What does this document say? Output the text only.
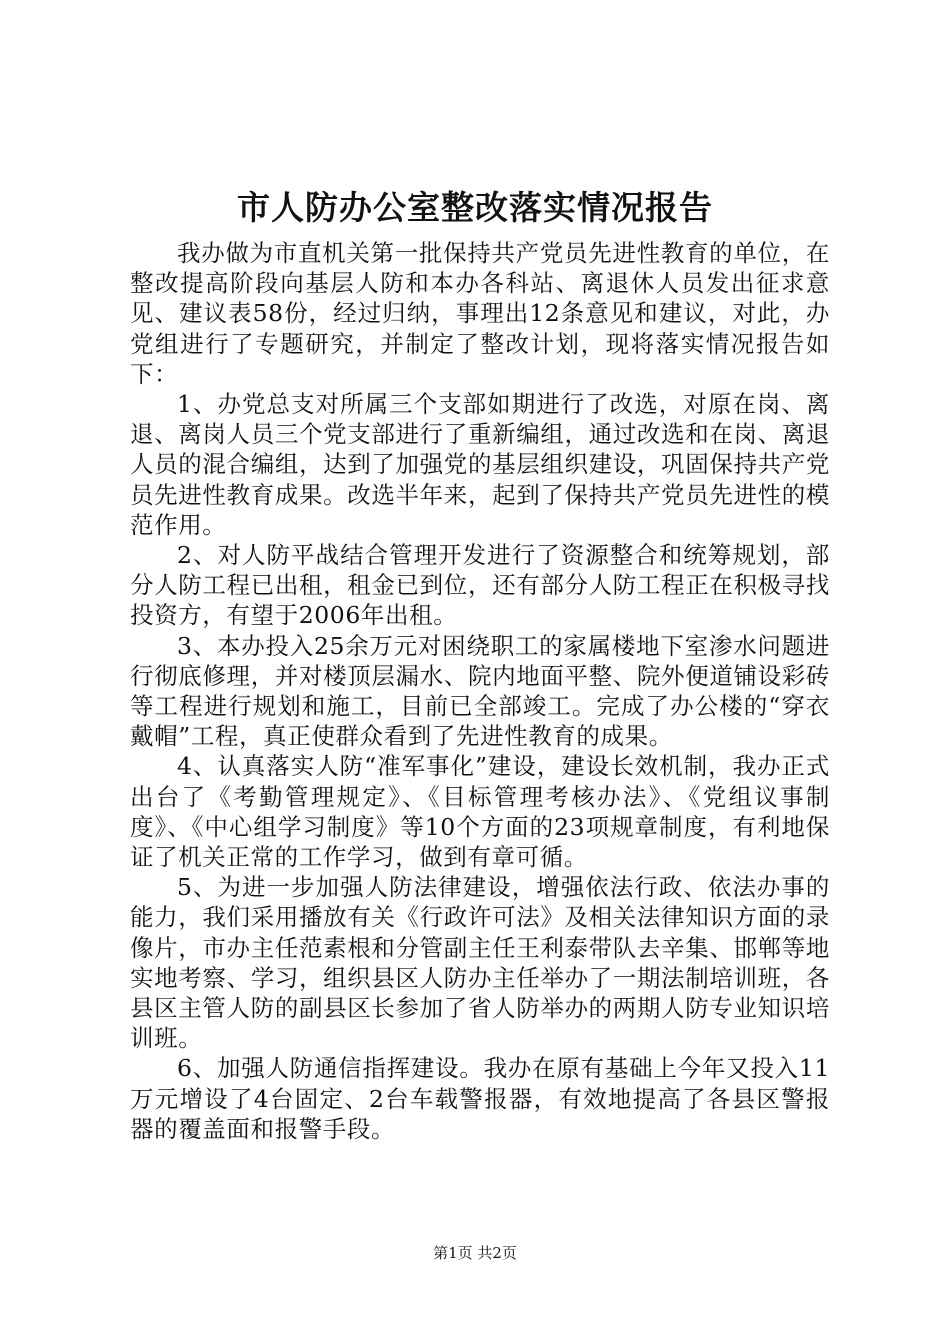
市人防办公室整改落实情况报告

我办做为市直机关第一批保持共产党员先进性教育的单位，在整改提高阶段向基层人防和本办各科站、离退休人员发出征求意见、建议表58份，经过归纳，事理出12条意见和建议，对此，办党组进行了专题研究，并制定了整改计划，现将落实情况报告如下：

1、办党总支对所属三个支部如期进行了改选，对原在岗、离退、离岗人员三个党支部进行了重新编组，通过改选和在岗、离退人员的混合编组，达到了加强党的基层组织建设，巩固保持共产党员先进性教育成果。改选半年来，起到了保持共产党员先进性的模范作用。

2、对人防平战结合管理开发进行了资源整合和统筹规划，部分人防工程已出租，租金已到位，还有部分人防工程正在积极寻找投资方，有望于2006年出租。

3、本办投入25余万元对困绕职工的家属楼地下室渗水问题进行彻底修理，并对楼顶层漏水、院内地面平整、院外便道铺设彩砖等工程进行规划和施工，目前已全部竣工。完成了办公楼的“穿衣戴帽”工程，真正使群众看到了先进性教育的成果。

4、认真落实人防“准军事化”建设，建设长效机制，我办正式出台了《考勤管理规定》、《目标管理考核办法》、《党组议事制度》、《中心组学习制度》等10个方面的23项规章制度，有利地保证了机关正常的工作学习，做到有章可循。

5、为进一步加强人防法律建设，增强依法行政、依法办事的能力，我们采用播放有关《行政许可法》及相关法律知识方面的录像片，市办主任范素根和分管副主任王利泰带队去辛集、邯郸等地实地考察、学习，组织县区人防办主任举办了一期法制培训班，各县区主管人防的副县区长参加了省人防举办的两期人防专业知识培训班。

6、加强人防通信指挥建设。我办在原有基础上今年又投入11万元增设了4台固定、2台车载警报器，有效地提高了各县区警报器的覆盖面和报警手段。

第1页 共2页
